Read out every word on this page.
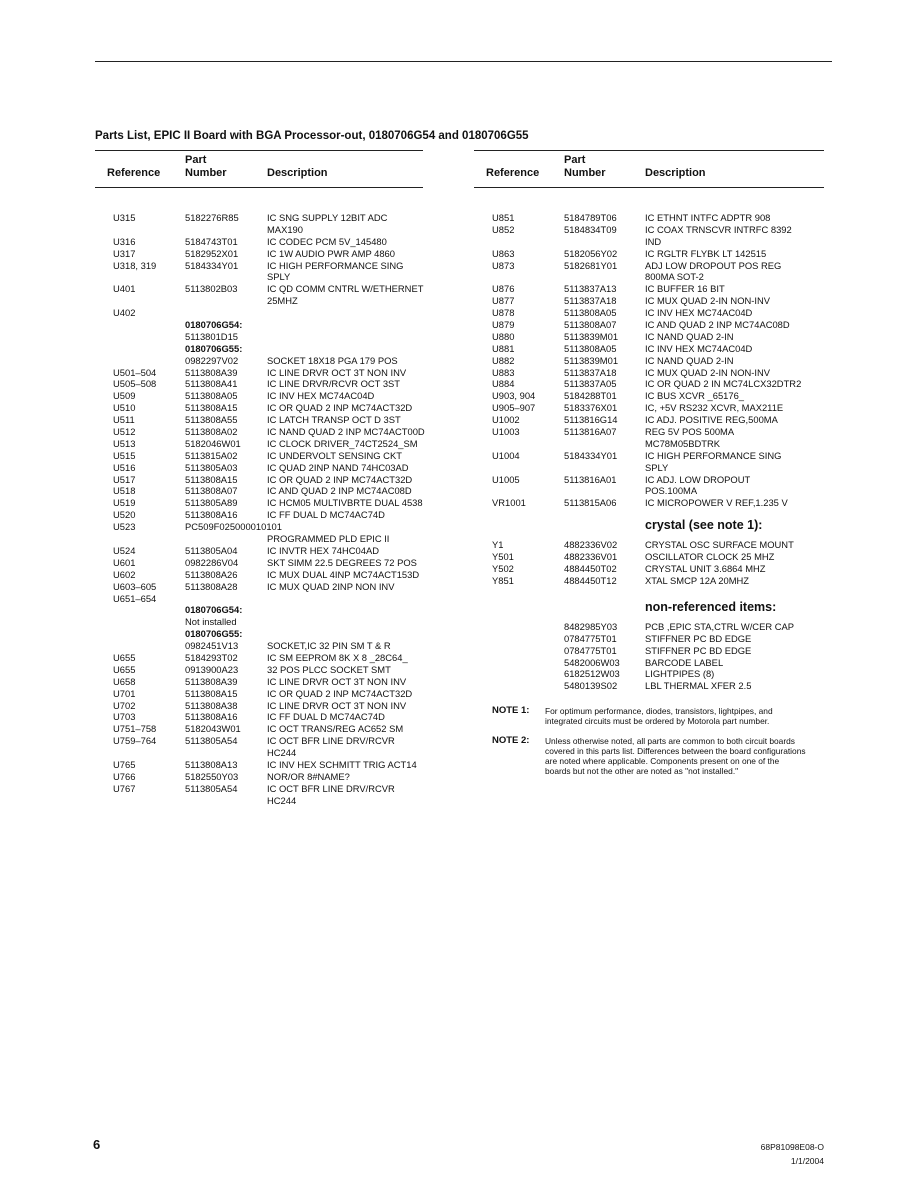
Parts List, EPIC II Board with BGA Processor-out, 0180706G54 and 0180706G55
Reference
Part
Number	Description
U315	5182276R85	IC SNG SUPPLY 12BIT ADC
MAX190
U316	5184743T01	IC CODEC PCM 5V_145480
U317	5182952X01	IC 1W AUDIO PWR AMP 4860
U318, 319	5184334Y01	IC HIGH PERFORMANCE SING
SPLY
U401	5113802B03	IC QD COMM CNTRL W/ETHERNET
25MHZ
U402
0180706G54:
5113801D15
0180706G55:
0982297V02	SOCKET 18X18 PGA 179 POS
U501–504	5113808A39	IC LINE DRVR OCT 3T NON INV
U505–508	5113808A41	IC LINE DRVR/RCVR OCT 3ST
U509	5113808A05	IC INV HEX MC74AC04D
U510	5113808A15	IC OR QUAD 2 INP MC74ACT32D
U511	5113808A55	IC LATCH TRANSP OCT D 3ST
U512	5113808A02	IC NAND QUAD 2 INP MC74ACT00D
U513	5182046W01	IC CLOCK DRIVER_74CT2524_SM
U515	5113815A02	IC UNDERVOLT SENSING CKT
U516	5113805A03	IC QUAD 2INP NAND 74HC03AD
U517	5113808A15	IC OR QUAD 2 INP MC74ACT32D
U518	5113808A07	IC AND QUAD 2 INP MC74AC08D
U519	5113805A89	IC HCM05 MULTIVBRTE DUAL 4538
U520	5113808A16	IC FF DUAL D MC74AC74D
U523	PC509F025000010101
PROGRAMMED PLD EPIC II
U524	5113805A04	IC INVTR HEX 74HC04AD
U601	0982286V04	SKT SIMM 22.5 DEGREES 72 POS
U602	5113808A26	IC MUX DUAL 4INP MC74ACT153D
U603–605	5113808A28	IC MUX QUAD 2INP NON INV
U651–654
0180706G54:
Not installed
0180706G55:
0982451V13	SOCKET,IC 32 PIN SM T & R
U655	5184293T02	IC SM EEPROM 8K X 8 _28C64_
U655	0913900A23	32 POS PLCC SOCKET SMT
U658	5113808A39	IC LINE DRVR OCT 3T NON INV
U701	5113808A15	IC OR QUAD 2 INP MC74ACT32D
U702	5113808A38	IC LINE DRVR OCT 3T NON INV
U703	5113808A16	IC FF DUAL D MC74AC74D
U751–758	5182043W01	IC OCT TRANS/REG AC652 SM
U759–764	5113805A54	IC OCT BFR LINE DRV/RCVR
HC244
U765	5113808A13	IC INV HEX SCHMITT TRIG ACT14
U766	5182550Y03	NOR/OR 8#NAME?
U767	5113805A54	IC OCT BFR LINE DRV/RCVR
HC244
Reference
Part
Number	Description
U851	5184789T06	IC ETHNT INTFC ADPTR 908
U852	5184834T09	IC COAX TRNSCVR INTRFC 8392
IND
U863	5182056Y02	IC RGLTR FLYBK LT 142515
U873	5182681Y01	ADJ LOW DROPOUT POS REG
800MA SOT-2
U876	5113837A13	IC BUFFER 16 BIT
U877	5113837A18	IC MUX QUAD 2-IN NON-INV
U878	5113808A05	IC INV HEX MC74AC04D
U879	5113808A07	IC AND QUAD 2 INP MC74AC08D
U880	5113839M01	IC NAND QUAD 2-IN
U881	5113808A05	IC INV HEX MC74AC04D
U882	5113839M01	IC NAND QUAD 2-IN
U883	5113837A18	IC MUX QUAD 2-IN NON-INV
U884	5113837A05	IC OR QUAD 2 IN MC74LCX32DTR2
U903, 904	5184288T01	IC BUS XCVR _65176_
U905–907	5183376X01	IC, +5V RS232 XCVR, MAX211E
U1002	5113816G14	IC ADJ. POSITIVE REG,500MA
U1003	5113816A07	REG 5V POS 500MA
MC78M05BDTRK
U1004	5184334Y01	IC HIGH PERFORMANCE SING
SPLY
U1005	5113816A01	IC ADJ. LOW DROPOUT
POS.100MA
VR1001	5113815A06	IC MICROPOWER V REF,1.235 V
crystal (see note 1):
Y1	4882336V02	CRYSTAL OSC SURFACE MOUNT
Y501	4882336V01	OSCILLATOR CLOCK 25 MHZ
Y502	4884450T02	CRYSTAL UNIT 3.6864 MHZ
Y851	4884450T12	XTAL SMCP 12A 20MHZ
non-referenced items:
8482985Y03	PCB ,EPIC STA,CTRL W/CER CAP
0784775T01	STIFFNER PC BD EDGE
0784775T01	STIFFNER PC BD EDGE
5482006W03	BARCODE LABEL
6182512W03	LIGHTPIPES (8)
5480139S02	LBL THERMAL XFER 2.5
NOTE 1: For optimum performance, diodes, transistors, lightpipes, and integrated circuits must be ordered by Motorola part number.
NOTE 2: Unless otherwise noted, all parts are common to both circuit boards covered in this parts list. Differences between the board configurations are noted where applicable. Components present on one of the boards but not the other are noted as "not installed."
6	68P81098E08-O
1/1/2004
